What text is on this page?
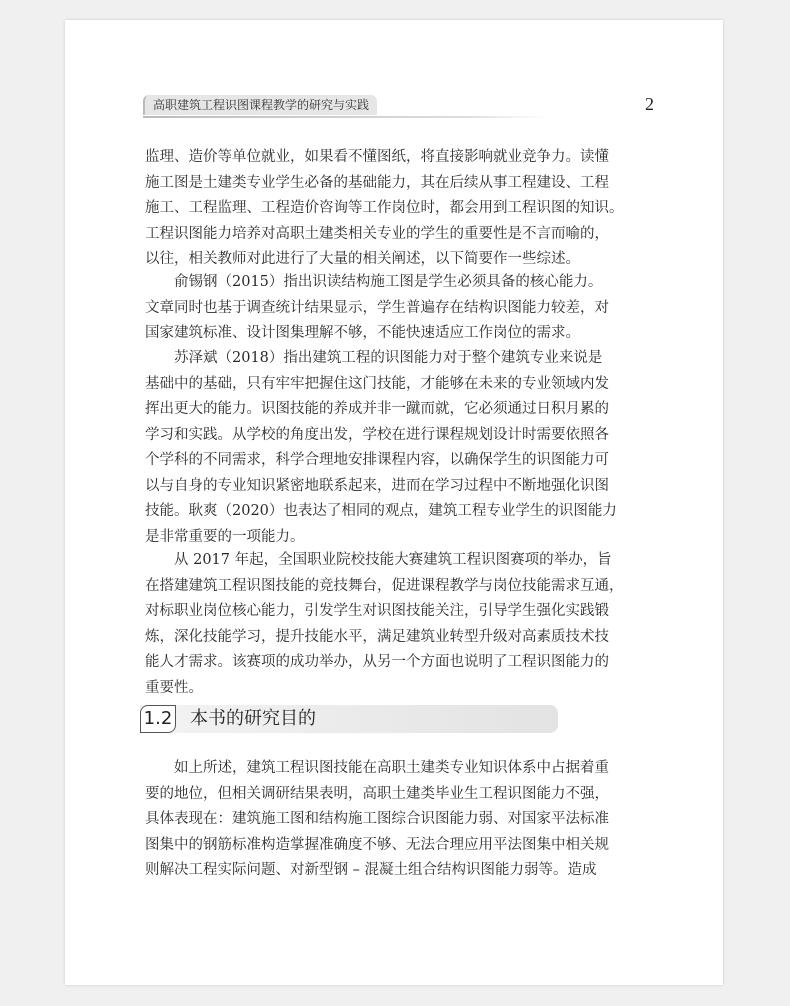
高职建筑工程识图课程教学的研究与实践	2
监理、造价等单位就业，如果看不懂图纸，将直接影响就业竞争力。读懂
施工图是土建类专业学生必备的基础能力，其在后续从事工程建设、工程
施工、工程监理、工程造价咨询等工作岗位时，都会用到工程识图的知识。
工程识图能力培养对高职土建类相关专业的学生的重要性是不言而喻的，
以往，相关教师对此进行了大量的相关阐述，以下简要作一些综述。
俞锡钢（2015）指出识读结构施工图是学生必须具备的核心能力。
文章同时也基于调查统计结果显示，学生普遍存在结构识图能力较差，对
国家建筑标准、设计图集理解不够，不能快速适应工作岗位的需求。
苏泽斌（2018）指出建筑工程的识图能力对于整个建筑专业来说是
基础中的基础，只有牢牢把握住这门技能，才能够在未来的专业领域内发
挥出更大的能力。识图技能的养成并非一蹴而就，它必须通过日积月累的
学习和实践。从学校的角度出发，学校在进行课程规划设计时需要依照各
个学科的不同需求，科学合理地安排课程内容，以确保学生的识图能力可
以与自身的专业知识紧密地联系起来，进而在学习过程中不断地强化识图
技能。耿爽（2020）也表达了相同的观点，建筑工程专业学生的识图能力
是非常重要的一项能力。
从 2017 年起，全国职业院校技能大赛建筑工程识图赛项的举办，旨
在搭建建筑工程识图技能的竞技舞台，促进课程教学与岗位技能需求互通，
对标职业岗位核心能力，引发学生对识图技能关注，引导学生强化实践锻
炼，深化技能学习，提升技能水平，满足建筑业转型升级对高素质技术技
能人才需求。该赛项的成功举办，从另一个方面也说明了工程识图能力的
重要性。
1.2 本书的研究目的
如上所述，建筑工程识图技能在高职土建类专业知识体系中占据着重
要的地位，但相关调研结果表明，高职土建类毕业生工程识图能力不强，
具体表现在：建筑施工图和结构施工图综合识图能力弱、对国家平法标准
图集中的钢筋标准构造掌握准确度不够、无法合理应用平法图集中相关规
则解决工程实际问题、对新型钢 – 混凝土组合结构识图能力弱等。造成
